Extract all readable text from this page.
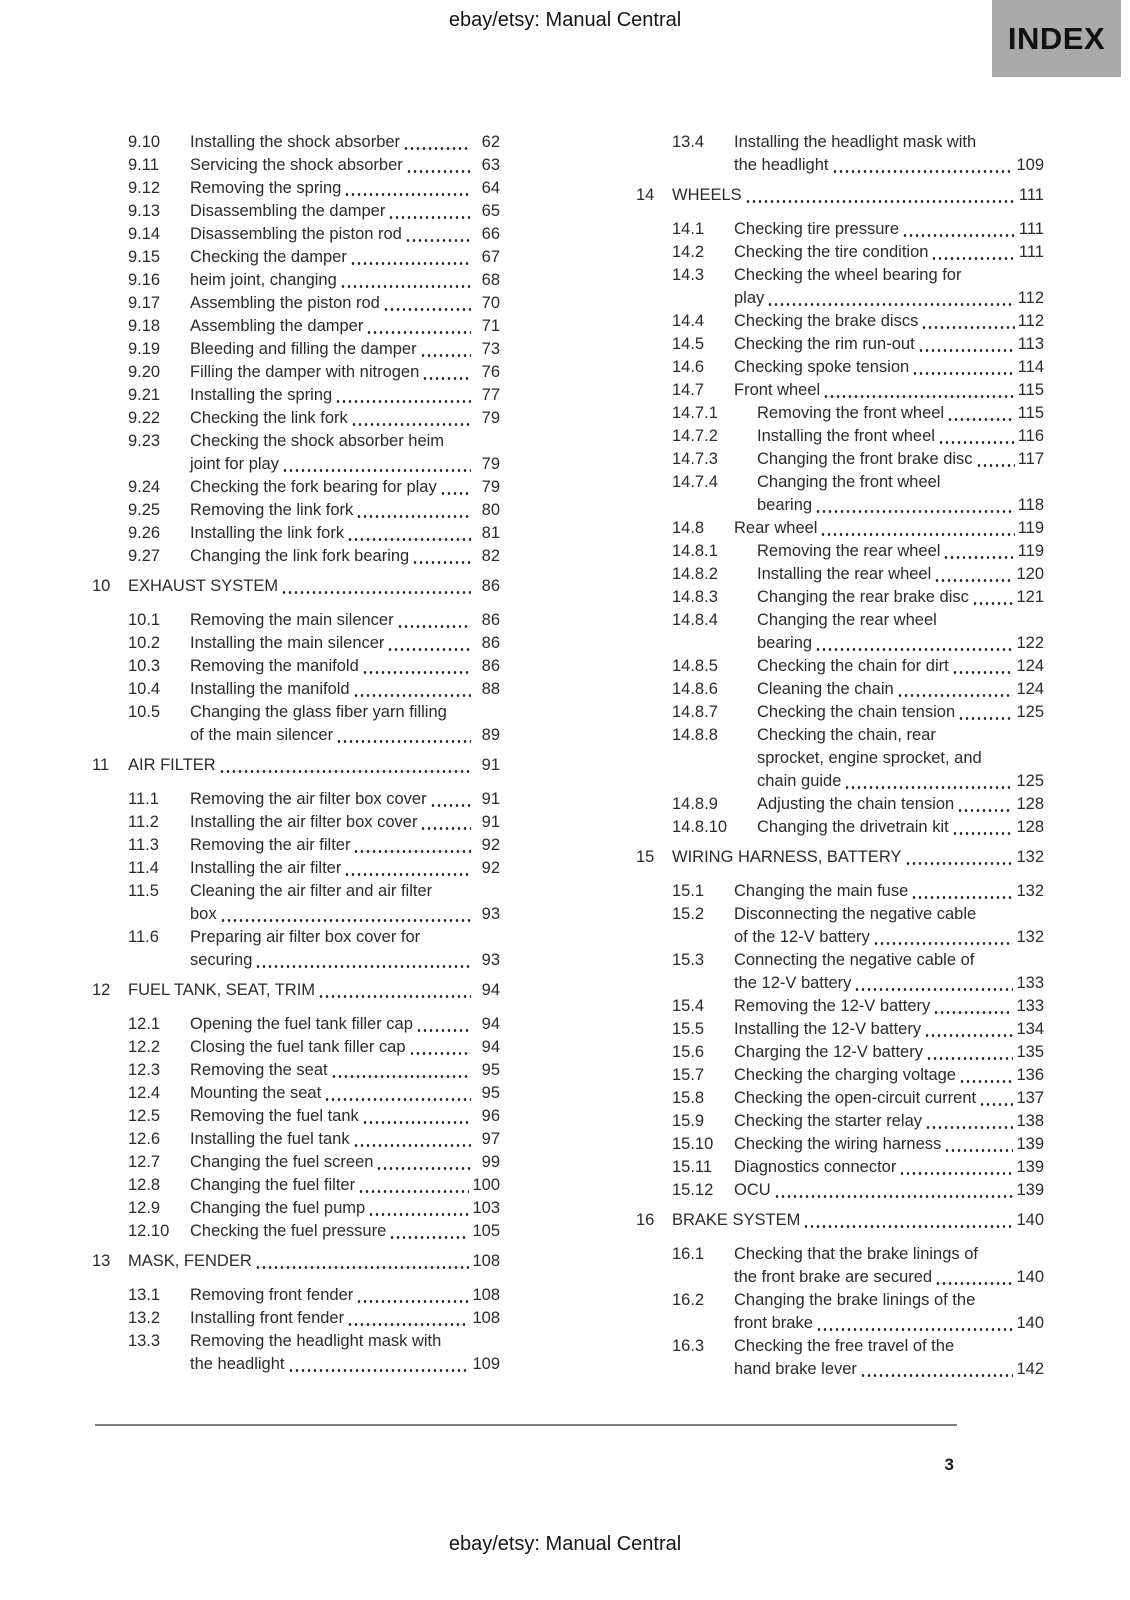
ebay/etsy: Manual Central
INDEX
9.10	Installing the shock absorber	62
9.11	Servicing the shock absorber	63
9.12	Removing the spring	64
9.13	Disassembling the damper	65
9.14	Disassembling the piston rod	66
9.15	Checking the damper	67
9.16	heim joint, changing	68
9.17	Assembling the piston rod	70
9.18	Assembling the damper	71
9.19	Bleeding and filling the damper	73
9.20	Filling the damper with nitrogen	76
9.21	Installing the spring	77
9.22	Checking the link fork	79
9.23	Checking the shock absorber heim
joint for play	79
9.24	Checking the fork bearing for play	79
9.25	Removing the link fork	80
9.26	Installing the link fork	81
9.27	Changing the link fork bearing	82
10	EXHAUST SYSTEM	86
10.1	Removing the main silencer	86
10.2	Installing the main silencer	86
10.3	Removing the manifold	86
10.4	Installing the manifold	88
10.5	Changing the glass fiber yarn filling
of the main silencer	89
11	AIR FILTER	91
11.1	Removing the air filter box cover	91
11.2	Installing the air filter box cover	91
11.3	Removing the air filter	92
11.4	Installing the air filter	92
11.5	Cleaning the air filter and air filter
box	93
11.6	Preparing air filter box cover for
securing	93
12	FUEL TANK, SEAT, TRIM	94
12.1	Opening the fuel tank filler cap	94
12.2	Closing the fuel tank filler cap	94
12.3	Removing the seat	95
12.4	Mounting the seat	95
12.5	Removing the fuel tank	96
12.6	Installing the fuel tank	97
12.7	Changing the fuel screen	99
12.8	Changing the fuel filter	100
12.9	Changing the fuel pump	103
12.10	Checking the fuel pressure	105
13	MASK, FENDER	108
13.1	Removing front fender	108
13.2	Installing front fender	108
13.3	Removing the headlight mask with
the headlight	109
13.4	Installing the headlight mask with
the headlight	109
14	WHEELS	111
14.1	Checking tire pressure	111
14.2	Checking the tire condition	111
14.3	Checking the wheel bearing for
play	112
14.4	Checking the brake discs	112
14.5	Checking the rim run-out	113
14.6	Checking spoke tension	114
14.7	Front wheel	115
14.7.1	Removing the front wheel	115
14.7.2	Installing the front wheel	116
14.7.3	Changing the front brake disc	117
14.7.4	Changing the front wheel
bearing	118
14.8	Rear wheel	119
14.8.1	Removing the rear wheel	119
14.8.2	Installing the rear wheel	120
14.8.3	Changing the rear brake disc	121
14.8.4	Changing the rear wheel
bearing	122
14.8.5	Checking the chain for dirt	124
14.8.6	Cleaning the chain	124
14.8.7	Checking the chain tension	125
14.8.8	Checking the chain, rear
sprocket, engine sprocket, and
chain guide	125
14.8.9	Adjusting the chain tension	128
14.8.10	Changing the drivetrain kit	128
15	WIRING HARNESS, BATTERY	132
15.1	Changing the main fuse	132
15.2	Disconnecting the negative cable
of the 12-V battery	132
15.3	Connecting the negative cable of
the 12-V battery	133
15.4	Removing the 12-V battery	133
15.5	Installing the 12-V battery	134
15.6	Charging the 12-V battery	135
15.7	Checking the charging voltage	136
15.8	Checking the open-circuit current 137
15.9	Checking the starter relay	138
15.10	Checking the wiring harness	139
15.11	Diagnostics connector	139
15.12	OCU	139
16	BRAKE SYSTEM	140
16.1	Checking that the brake linings of
the front brake are secured	140
16.2	Changing the brake linings of the
front brake	140
16.3	Checking the free travel of the
hand brake lever	142
3
ebay/etsy: Manual Central
